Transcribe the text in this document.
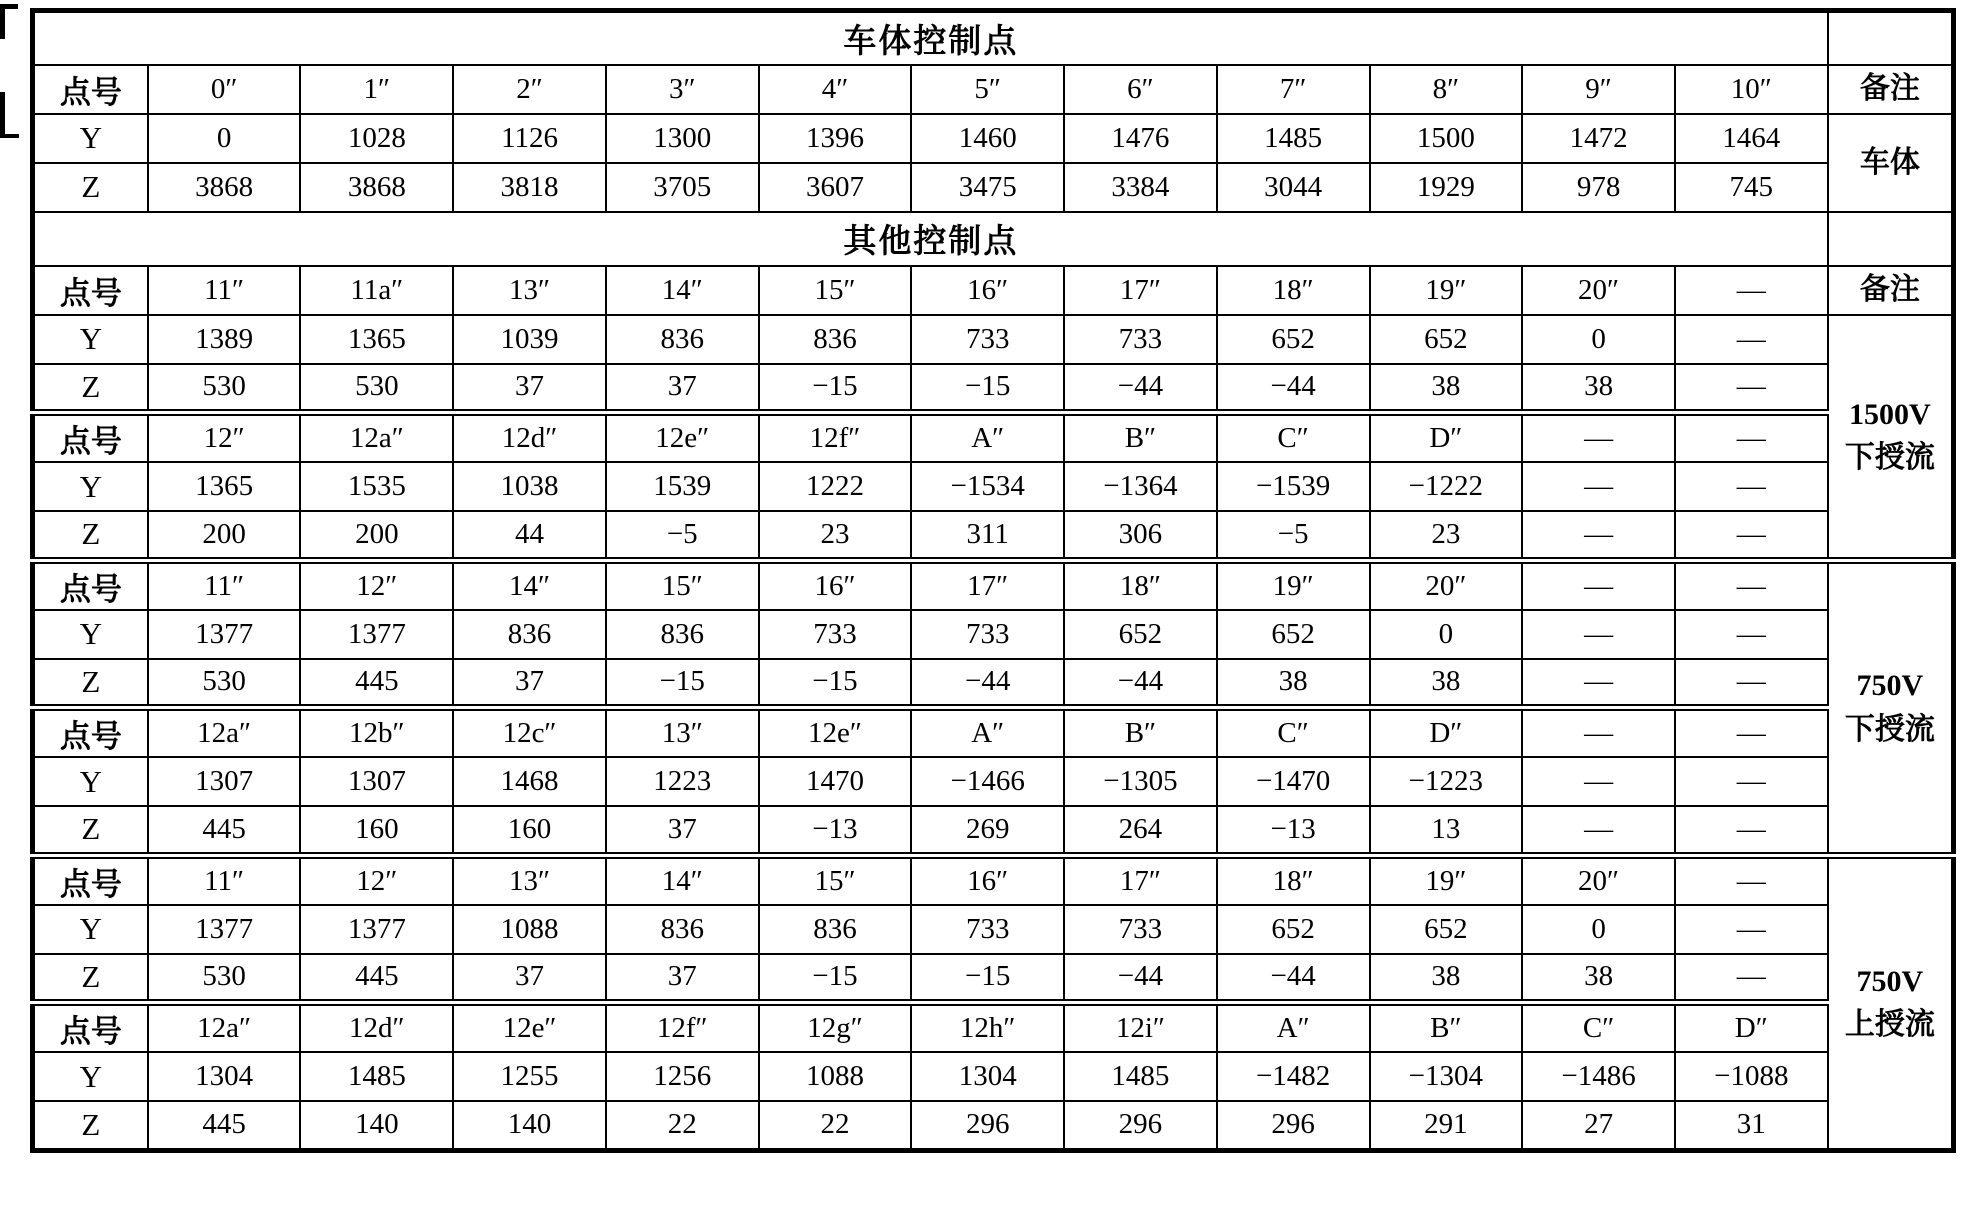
车体控制点												
点号	0″	1″	2″	3″	4″	5″	6″	7″	8″	9″	10″	备注
Y	0	1028	1126	1300	1396	1460	1476	1485	1500	1472	1464	车体
Z	3868	3868	3818	3705	3607	3475	3384	3044	1929	978	745	
其他控制点												
点号	11″	11a″	13″	14″	15″	16″	17″	18″	19″	20″	—	备注
Y	1389	1365	1039	836	836	733	733	652	652	0	—	1500V
下授流
Z	530	530	37	37	−15	−15	−44	−44	38	38	—	
点号	12″	12a″	12d″	12e″	12f″	A″	B″	C″	D″	—	—	
Y	1365	1535	1038	1539	1222	−1534	−1364	−1539	−1222	—	—	
Z	200	200	44	−5	23	311	306	−5	23	—	—	
点号	11″	12″	14″	15″	16″	17″	18″	19″	20″	—	—	750V
下授流
Y	1377	1377	836	836	733	733	652	652	0	—	—	
Z	530	445	37	−15	−15	−44	−44	38	38	—	—	
点号	12a″	12b″	12c″	13″	12e″	A″	B″	C″	D″	—	—	
Y	1307	1307	1468	1223	1470	−1466	−1305	−1470	−1223	—	—	
Z	445	160	160	37	−13	269	264	−13	13	—	—	
点号	11″	12″	13″	14″	15″	16″	17″	18″	19″	20″	—	750V
上授流
Y	1377	1377	1088	836	836	733	733	652	652	0	—	
Z	530	445	37	37	−15	−15	−44	−44	38	38	—	
点号	12a″	12d″	12e″	12f″	12g″	12h″	12i″	A″	B″	C″	D″	
Y	1304	1485	1255	1256	1088	1304	1485	−1482	−1304	−1486	−1088	
Z	445	140	140	22	22	296	296	296	291	27	31	
